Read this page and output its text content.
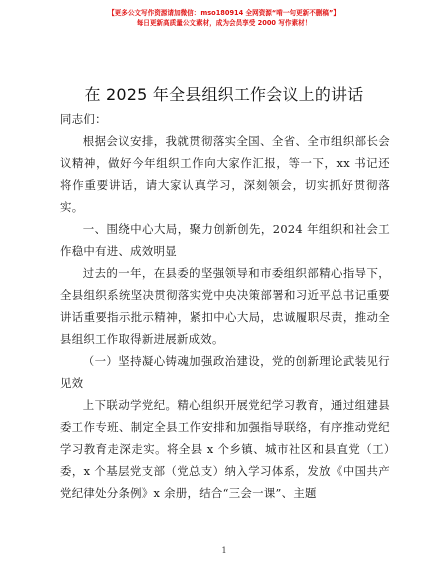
【更多公文写作资源请加微信：mso180914 全网资源“啃一句更新不删稿”】
每日更新高质量公文素材，成为会员享受 2000 写作素材！
在 2025 年全县组织工作会议上的讲话

同志们：

根据会议安排，我就贯彻落实全国、全省、全市组织部长会议精神，做好今年组织工作向大家作汇报，等一下，xx 书记还将作重要讲话，请大家认真学习，深刻领会，切实抓好贯彻落实。

一、围绕中心大局，聚力创新创先，2024 年组织和社会工作稳中有进、成效明显

过去的一年，在县委的坚强领导和市委组织部精心指导下，全县组织系统坚决贯彻落实党中央决策部署和习近平总书记重要讲话重要指示批示精神，紧扣中心大局，忠诚履职尽责，推动全县组织工作取得新进展新成效。

（一）坚持凝心铸魂加强政治建设，党的创新理论武装见行见效

上下联动学党纪。精心组织开展党纪学习教育，通过组建县委工作专班、制定全县工作安排和加强指导联络，有序推动党纪学习教育走深走实。将全县 x 个乡镇、城市社区和县直党（工）委，x 个基层党支部（党总支）纳入学习体系，发放《中国共产党纪律处分条例》x 余册，结合“三会一课”、主题

1
